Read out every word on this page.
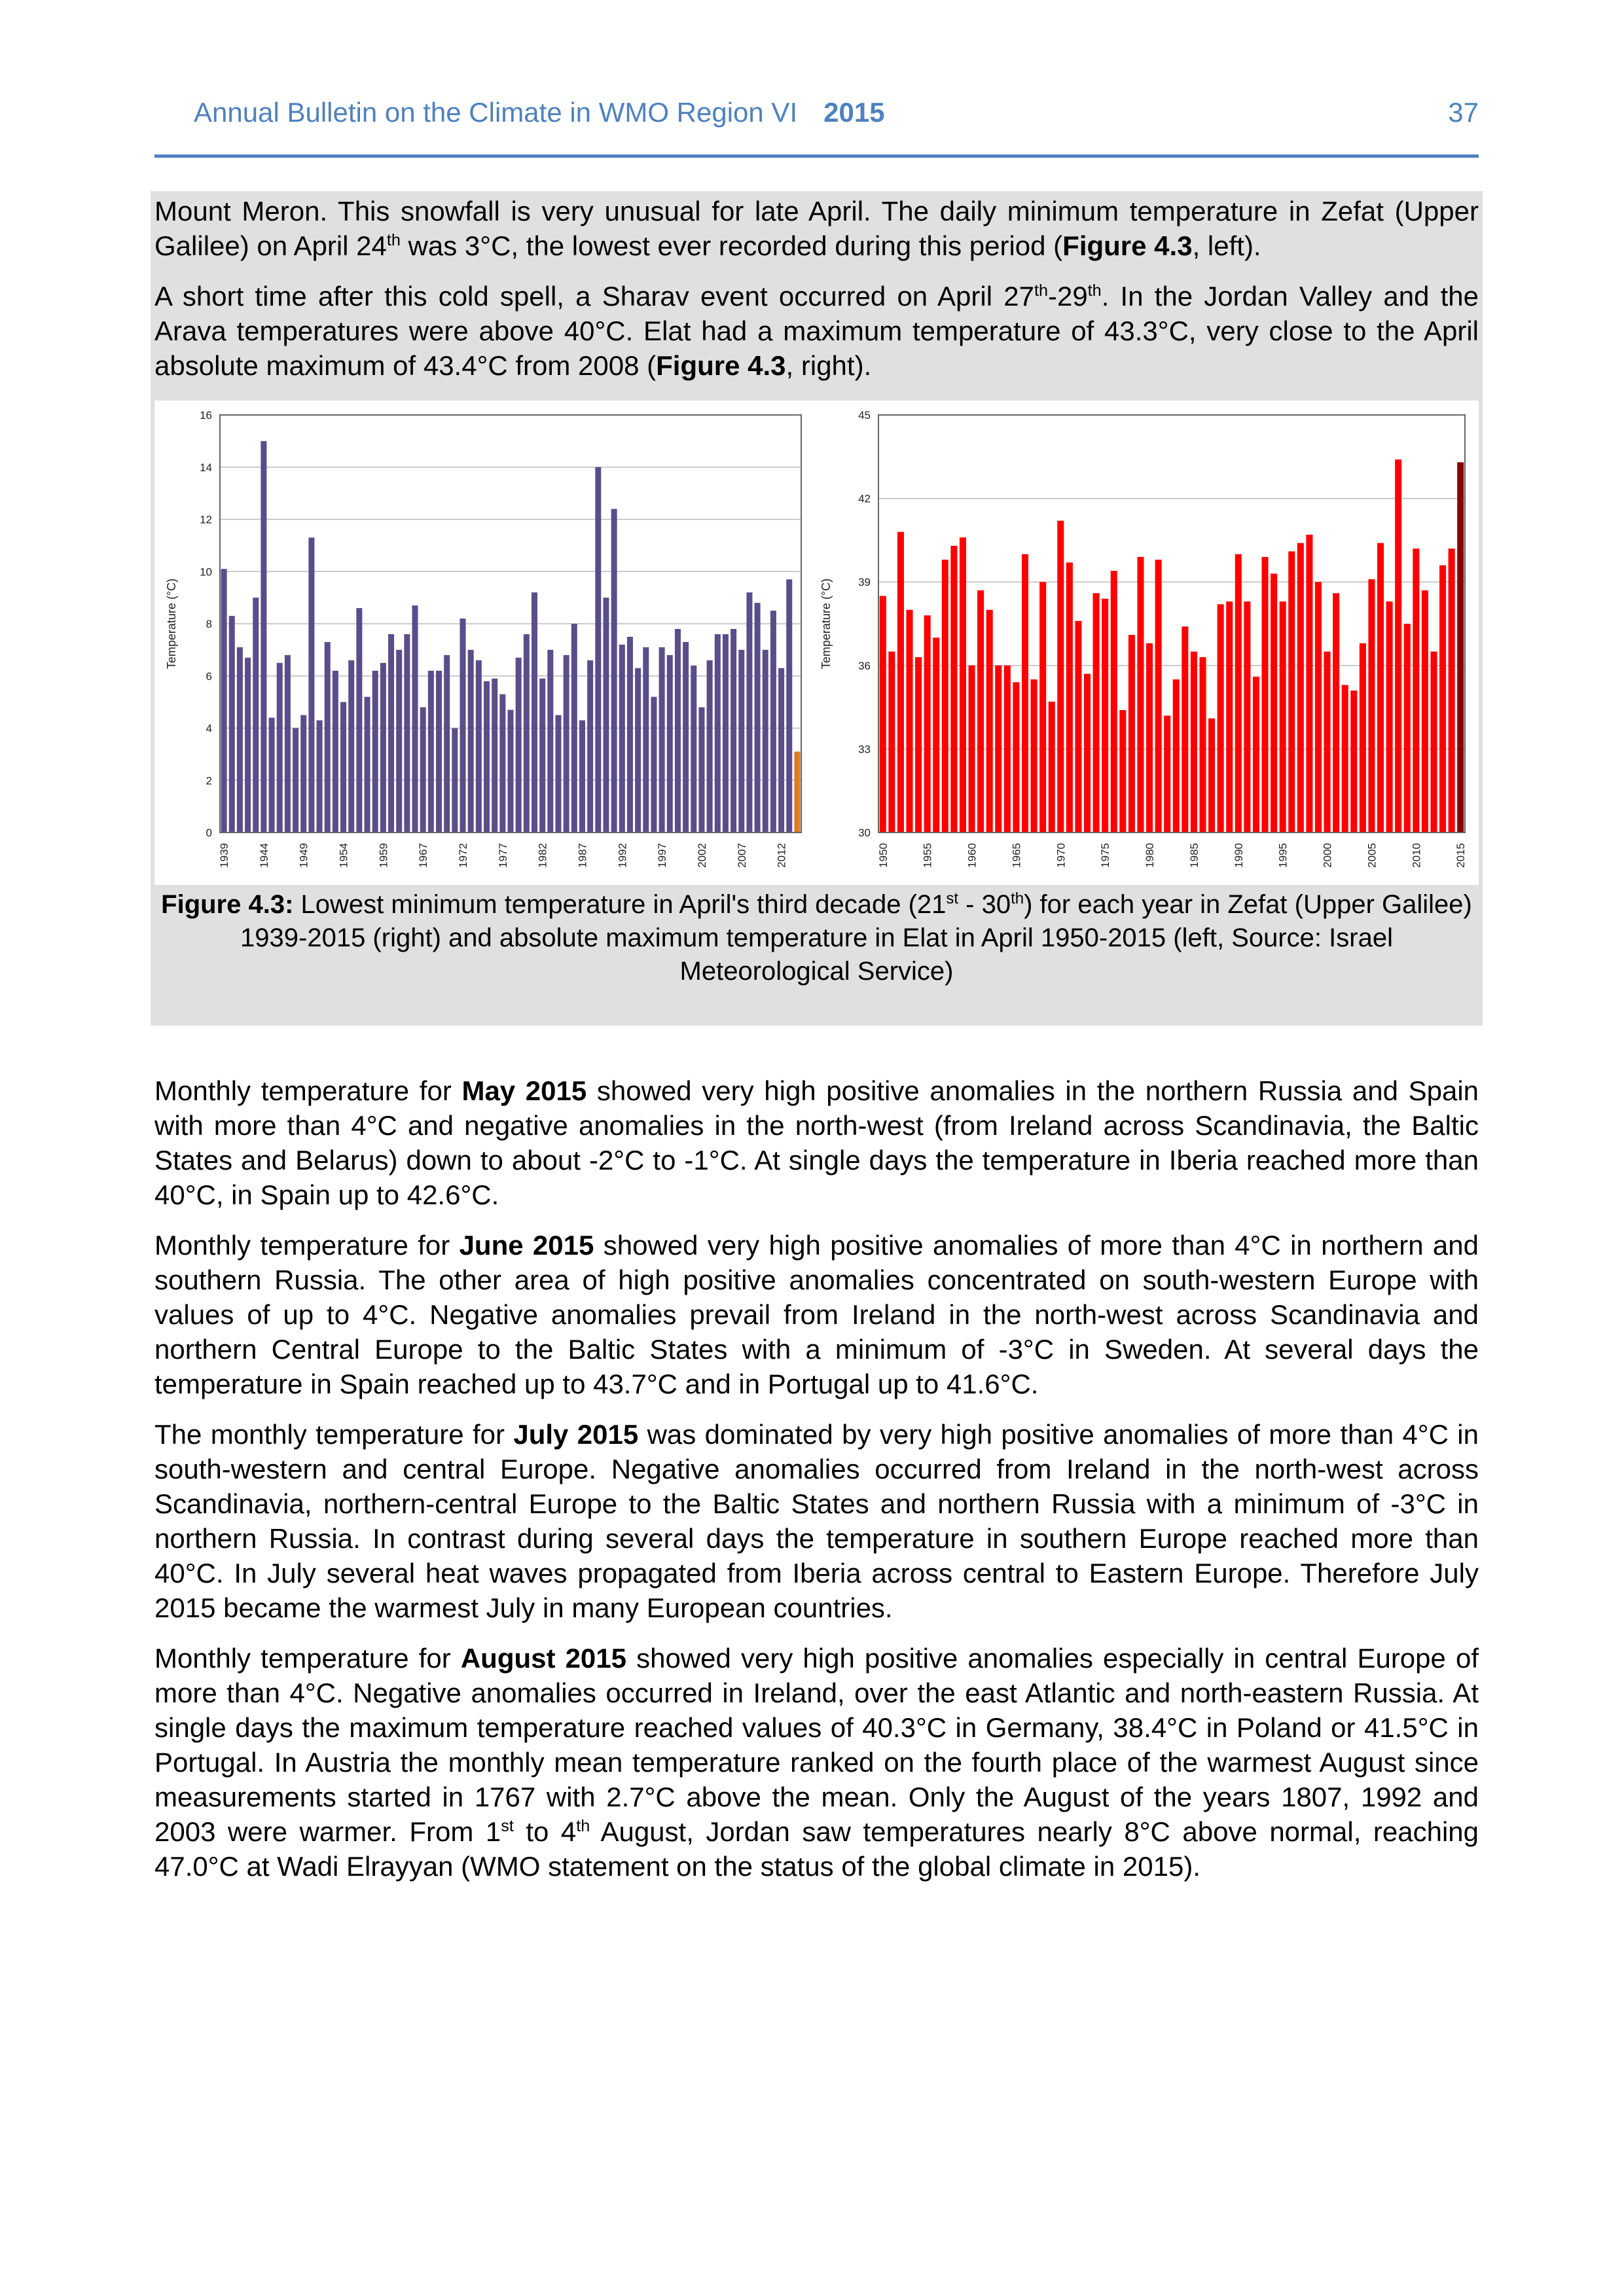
Annual Bulletin on the Climate in WMO Region VI 2015	37

Mount Meron. This snowfall is very unusual for late April. The daily minimum temperature in Zefat (Upper Galilee) on April 24th was 3°C, the lowest ever recorded during this period (Figure 4.3, left).

A short time after this cold spell, a Sharav event occurred on April 27th-29th. In the Jordan Valley and the Arava temperatures were above 40°C. Elat had a maximum temperature of 43.3°C, very close to the April absolute maximum of 43.4°C from 2008 (Figure 4.3, right).

0
2
4
6
8
10
12
14
16
1939 1944 1949 1954 1959 1967 1972 1977 1982 1987 1992 1997 2002 2007 2012
Temperature (°C)
30
33
36
39
42
45
1950	1955	1960	1965	1970	1975	1980	1985	1990	1995	2000	2005	2010	2015
Temperature (°C)

Figure 4.3: Lowest minimum temperature in April's third decade (21st - 30th) for each year in Zefat (Upper Galilee) 1939-2015 (right) and absolute maximum temperature in Elat in April 1950-2015 (left, Source: Israel Meteorological Service)

Monthly temperature for May 2015 showed very high positive anomalies in the northern Russia and Spain with more than 4°C and negative anomalies in the north-west (from Ireland across Scandinavia, the Baltic States and Belarus) down to about -2°C to -1°C. At single days the temperature in Iberia reached more than 40°C, in Spain up to 42.6°C.

Monthly temperature for June 2015 showed very high positive anomalies of more than 4°C in northern and southern Russia. The other area of high positive anomalies concentrated on south-western Europe with values of up to 4°C. Negative anomalies prevail from Ireland in the north-west across Scandinavia and northern Central Europe to the Baltic States with a minimum of -3°C in Sweden. At several days the temperature in Spain reached up to 43.7°C and in Portugal up to 41.6°C.

The monthly temperature for July 2015 was dominated by very high positive anomalies of more than 4°C in south-western and central Europe. Negative anomalies occurred from Ireland in the north-west across Scandinavia, northern-central Europe to the Baltic States and northern Russia with a minimum of -3°C in northern Russia. In contrast during several days the temperature in southern Europe reached more than 40°C. In July several heat waves propagated from Iberia across central to Eastern Europe. Therefore July 2015 became the warmest July in many European countries.

Monthly temperature for August 2015 showed very high positive anomalies especially in central Europe of more than 4°C. Negative anomalies occurred in Ireland, over the east Atlantic and north-eastern Russia. At single days the maximum temperature reached values of 40.3°C in Germany, 38.4°C in Poland or 41.5°C in Portugal. In Austria the monthly mean temperature ranked on the fourth place of the warmest August since measurements started in 1767 with 2.7°C above the mean. Only the August of the years 1807, 1992 and 2003 were warmer. From 1st to 4th August, Jordan saw temperatures nearly 8°C above normal, reaching 47.0°C at Wadi Elrayyan (WMO statement on the status of the global climate in 2015).
